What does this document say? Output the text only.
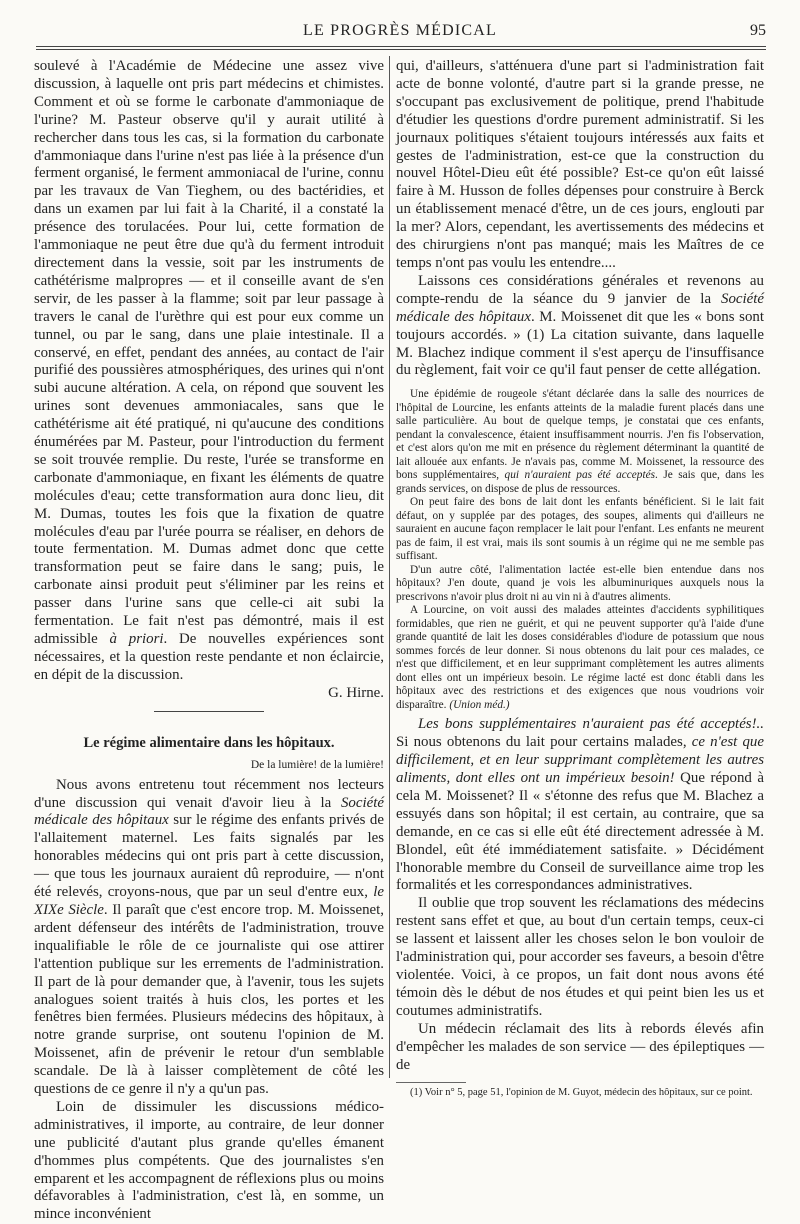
LE PROGRÈS MÉDICAL	95

soulevé à l'Académie de Médecine une assez vive discussion, à laquelle ont pris part médecins et chimistes. Comment et où se forme le carbonate d'ammoniaque de l'urine? M. Pasteur observe qu'il y aurait utilité à rechercher dans tous les cas, si la formation du carbonate d'ammoniaque dans l'urine n'est pas liée à la présence d'un ferment organisé, le ferment ammoniacal de l'urine, connu par les travaux de Van Tieghem, ou des bactéridies, et dans un examen par lui fait à la Charité, il a constaté la présence des torulacées. Pour lui, cette formation de l'ammoniaque ne peut être due qu'à du ferment introduit directement dans la vessie, soit par les instruments de cathétérisme malpropres — et il conseille avant de s'en servir, de les passer à la flamme; soit par leur passage à travers le canal de l'urèthre qui est pour eux comme un tunnel, ou par le sang, dans une plaie intestinale. Il a conservé, en effet, pendant des années, au contact de l'air purifié des poussières atmosphériques, des urines qui n'ont subi aucune altération. A cela, on répond que souvent les urines sont devenues ammoniacales, sans que le cathétérisme ait été pratiqué, ni qu'aucune des conditions énumérées par M. Pasteur, pour l'introduction du ferment se soit trouvée remplie. Du reste, l'urée se transforme en carbonate d'ammoniaque, en fixant les éléments de quatre molécules d'eau; cette transformation aura donc lieu, dit M. Dumas, toutes les fois que la fixation de quatre molécules d'eau par l'urée pourra se réaliser, en dehors de toute fermentation. M. Dumas admet donc que cette transformation peut se faire dans le sang; puis, le carbonate ainsi produit peut s'éliminer par les reins et passer dans l'urine sans que celle-ci ait subi la fermentation. Le fait n'est pas démontré, mais il est admissible à priori. De nouvelles expériences sont nécessaires, et la question reste pendante et non éclaircie, en dépit de la discussion.

G. Hirne.

Le régime alimentaire dans les hôpitaux.

De la lumière! de la lumière!

Nous avons entretenu tout récemment nos lecteurs d'une discussion qui venait d'avoir lieu à la Société médicale des hôpitaux sur le régime des enfants privés de l'allaitement maternel. Les faits signalés par les honorables médecins qui ont pris part à cette discussion, — que tous les journaux auraient dû reproduire, — n'ont été relevés, croyons-nous, que par un seul d'entre eux, le XIXe Siècle. Il paraît que c'est encore trop. M. Moissenet, ardent défenseur des intérêts de l'administration, trouve inqualifiable le rôle de ce journaliste qui ose attirer l'attention publique sur les errements de l'administration. Il part de là pour demander que, à l'avenir, tous les sujets analogues soient traités à huis clos, les portes et les fenêtres bien fermées. Plusieurs médecins des hôpitaux, à notre grande surprise, ont soutenu l'opinion de M. Moissenet, afin de prévenir le retour d'un semblable scandale. De là à laisser complètement de côté les questions de ce genre il n'y a qu'un pas.

Loin de dissimuler les discussions médico-administratives, il importe, au contraire, de leur donner une publicité d'autant plus grande qu'elles émanent d'hommes plus compétents. Que des journalistes s'en emparent et les accompagnent de réflexions plus ou moins défavorables à l'administration, c'est là, en somme, un mince inconvénient

qui, d'ailleurs, s'atténuera d'une part si l'administration fait acte de bonne volonté, d'autre part si la grande presse, ne s'occupant pas exclusivement de politique, prend l'habitude d'étudier les questions d'ordre purement administratif. Si les journaux politiques s'étaient toujours intéressés aux faits et gestes de l'administration, est-ce que la construction du nouvel Hôtel-Dieu eût été possible? Est-ce qu'on eût laissé faire à M. Husson de folles dépenses pour construire à Berck un établissement menacé d'être, un de ces jours, englouti par la mer? Alors, cependant, les avertissements des médecins et des chirurgiens n'ont pas manqué; mais les Maîtres de ce temps n'ont pas voulu les entendre....

Laissons ces considérations générales et revenons au compte-rendu de la séance du 9 janvier de la Société médicale des hôpitaux. M. Moissenet dit que les « bons sont toujours accordés. » (1) La citation suivante, dans laquelle M. Blachez indique comment il s'est aperçu de l'insuffisance du règlement, fait voir ce qu'il faut penser de cette allégation.

Une épidémie de rougeole s'étant déclarée dans la salle des nourrices de l'hôpital de Lourcine, les enfants atteints de la maladie furent placés dans une salle particulière. Au bout de quelque temps, je constatai que ces enfants, pendant la convalescence, étaient insuffisamment nourris. J'en fis l'observation, et c'est alors qu'on me mit en présence du règlement déterminant la quantité de lait allouée aux enfants. Je n'avais pas, comme M. Moissenet, la ressource des bons supplémentaires, qui n'auraient pas été acceptés. Je sais que, dans les grands services, on dispose de plus de ressources.

On peut faire des bons de lait dont les enfants bénéficient. Si le lait fait défaut, on y supplée par des potages, des soupes, aliments qui d'ailleurs ne sauraient en aucune façon remplacer le lait pour l'enfant. Les enfants ne meurent pas de faim, il est vrai, mais ils sont soumis à un régime qui ne me semble pas suffisant.

D'un autre côté, l'alimentation lactée est-elle bien entendue dans nos hôpitaux? J'en doute, quand je vois les albuminuriques auxquels nous la prescrivons n'avoir plus droit ni au vin ni à d'autres aliments.

A Lourcine, on voit aussi des malades atteintes d'accidents syphilitiques formidables, que rien ne guérit, et qui ne peuvent supporter qu'à l'aide d'une grande quantité de lait les doses considérables d'iodure de potassium que nous sommes forcés de leur donner. Si nous obtenons du lait pour ces malades, ce n'est que difficilement, et en leur supprimant complètement les autres aliments dont elles ont un impérieux besoin. Le régime lacté est donc établi dans les hôpitaux avec des restrictions et des exigences que nous voudrions voir disparaître. (Union méd.)

Les bons supplémentaires n'auraient pas été acceptés!.. Si nous obtenons du lait pour certains malades, ce n'est que difficilement, et en leur supprimant complètement les autres aliments, dont elles ont un impérieux besoin! Que répond à cela M. Moissenet? Il « s'étonne des refus que M. Blachez a essuyés dans son hôpital; il est certain, au contraire, que sa demande, en ce cas si elle eût été directement adressée à M. Blondel, eût été immédiatement satisfaite. » Décidément l'honorable membre du Conseil de surveillance aime trop les formalités et les correspondances administratives.

Il oublie que trop souvent les réclamations des médecins restent sans effet et que, au bout d'un certain temps, ceux-ci se lassent et laissent aller les choses selon le bon vouloir de l'administration qui, pour accorder ses faveurs, a besoin d'être violentée. Voici, à ce propos, un fait dont nous avons été témoin dès le début de nos études et qui peint bien les us et coutumes administratifs.

Un médecin réclamait des lits à rebords élevés afin d'empêcher les malades de son service — des épileptiques — de

(1) Voir n° 5, page 51, l'opinion de M. Guyot, médecin des hôpitaux, sur ce point.
